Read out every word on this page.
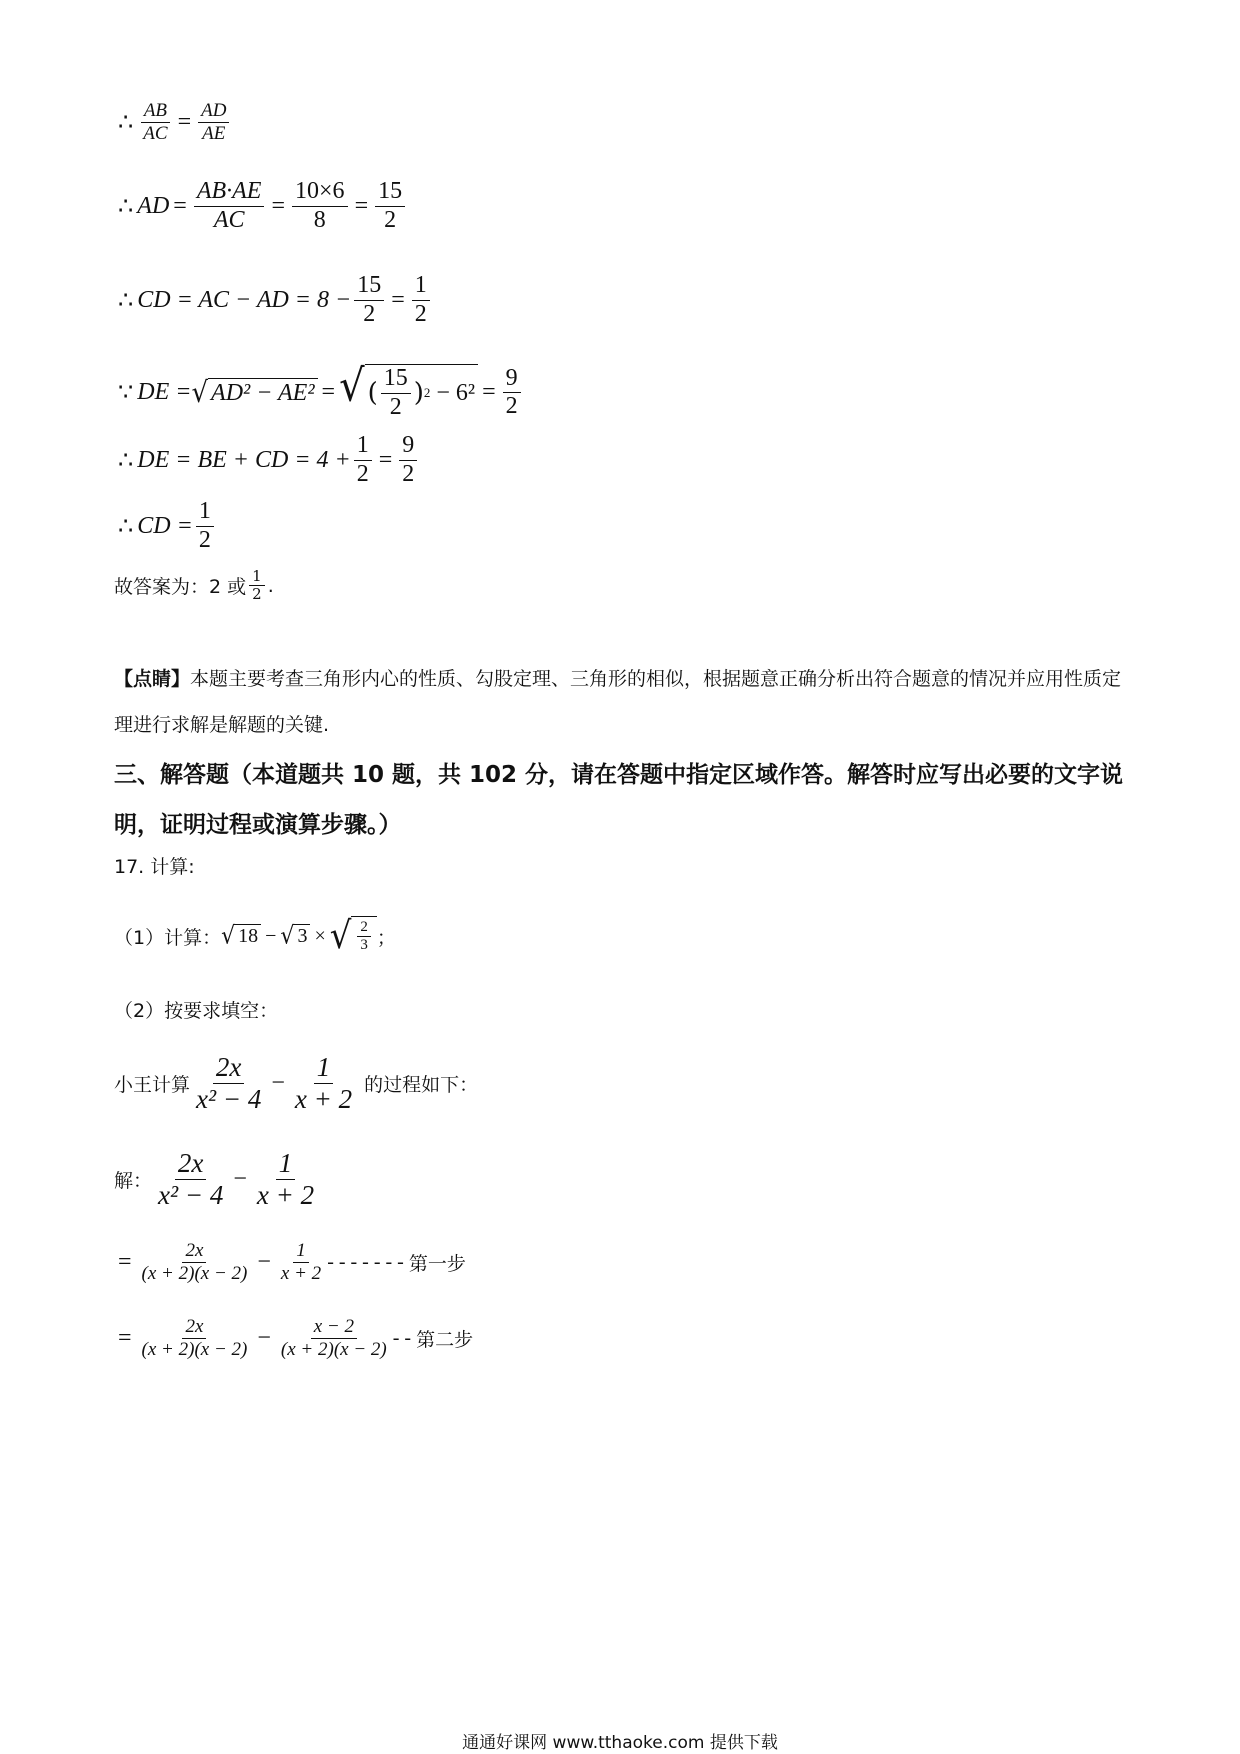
∴ $\frac{AB}{AC} = \frac{AD}{AE}$
∴ AD = $\frac{AB\cdot AE}{AC} = \frac{10\times 6}{8} = \frac{15}{2}$
∴ CD = AC − AD = $8 - \frac{15}{2} = \frac{1}{2}$
∵ DE = √ AD² − AE² = √ ( $\frac{15}{2}$ ) $2 - 6^2 = \frac{9}{2}$
∴ DE = BE + CD = $4 + \frac{1}{2} = \frac{9}{2}$
∴ CD = $\frac{1}{2}$
故答案为：2 或 $\frac{1}{2}$ .
【点睛】本题主要考查三角形内心的性质、勾股定理、三角形的相似，根据题意正确分析出符合题意的情况并应用性质定理进行求解是解题的关键.
三、解答题（本道题共 10 题，共 102 分，请在答题中指定区域作答。解答时应写出必要的文字说明，证明过程或演算步骤。）
17. 计算:
（1）计算： √ 18 − √ 3 × √ $\frac{2}{3}$ ；
（2）按要求填空：
小王计算 $\frac{2x}{\text{x² − 4}} - \frac{1}{x + 2}$ 的过程如下：
解： $\frac{2x}{\text{x² − 4}} - \frac{1}{x + 2}$
= $\frac{2x}{(x + 2)(x - 2)} - \frac{1}{x + 2}$ ------- 第一步
= $\frac{2x}{(x + 2)(x - 2)} - \frac{x - 2}{(x + 2)(x - 2)}$ -- 第二步
通通好课网 www.tthaoke.com 提供下载
